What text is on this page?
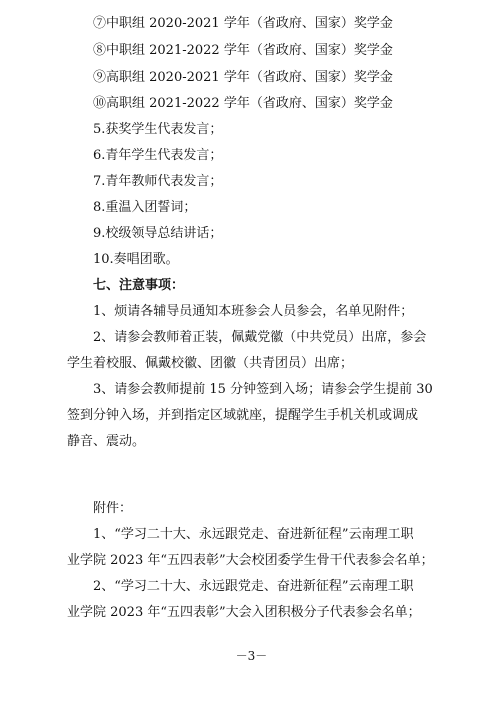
⑦中职组 2020-2021 学年（省政府、国家）奖学金
⑧中职组 2021-2022 学年（省政府、国家）奖学金
⑨高职组 2020-2021 学年（省政府、国家）奖学金
⑩高职组 2021-2022 学年（省政府、国家）奖学金
5.获奖学生代表发言；
6.青年学生代表发言；
7.青年教师代表发言；
8.重温入团誓词；
9.校级领导总结讲话；
10.奏唱团歌。
七、注意事项：
1、烦请各辅导员通知本班参会人员参会，名单见附件；
2、请参会教师着正装，佩戴党徽（中共党员）出席，参会
学生着校服、佩戴校徽、团徽（共青团员）出席；
3、请参会教师提前 15 分钟签到入场；请参会学生提前 30
签到分钟入场，并到指定区域就座，提醒学生手机关机或调成
静音、震动。
附件：
1、“学习二十大、永远跟党走、奋进新征程”云南理工职
业学院 2023 年“五四表彰”大会校团委学生骨干代表参会名单；
2、“学习二十大、永远跟党走、奋进新征程”云南理工职
业学院 2023 年“五四表彰”大会入团积极分子代表参会名单；
－3－
